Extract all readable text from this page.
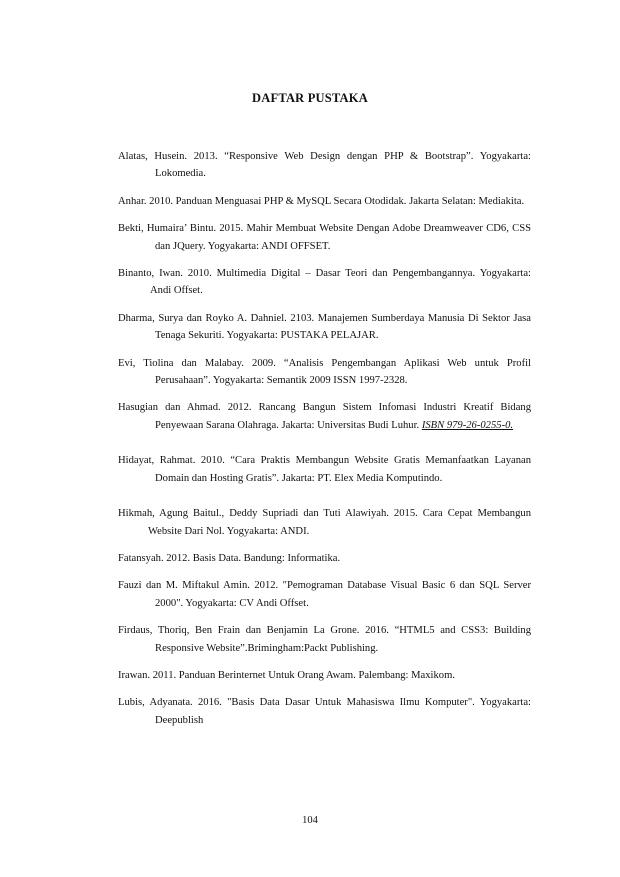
DAFTAR PUSTAKA

Alatas, Husein. 2013. “Responsive Web Design dengan PHP & Bootstrap”. Yogyakarta: Lokomedia.

Anhar. 2010. Panduan Menguasai PHP & MySQL Secara Otodidak. Jakarta Selatan: Mediakita.

Bekti, Humaira’ Bintu. 2015. Mahir Membuat Website Dengan Adobe Dreamweaver CD6, CSS dan JQuery. Yogyakarta: ANDI OFFSET.

Binanto, Iwan. 2010. Multimedia Digital – Dasar Teori dan Pengembangannya. Yogyakarta: Andi Offset.

Dharma, Surya dan Royko A. Dahniel. 2103. Manajemen Sumberdaya Manusia Di Sektor Jasa Tenaga Sekuriti. Yogyakarta: PUSTAKA PELAJAR.

Evi, Tiolina dan Malabay. 2009. “Analisis Pengembangan Aplikasi Web untuk Profil Perusahaan”. Yogyakarta: Semantik 2009 ISSN 1997-2328.

Hasugian dan Ahmad. 2012. Rancang Bangun Sistem Infomasi Industri Kreatif Bidang Penyewaan Sarana Olahraga. Jakarta: Universitas Budi Luhur. ISBN 979-26-0255-0.

Hidayat, Rahmat. 2010. “Cara Praktis Membangun Website Gratis Memanfaatkan Layanan Domain dan Hosting Gratis”. Jakarta: PT. Elex Media Komputindo.

Hikmah, Agung Baitul., Deddy Supriadi dan Tuti Alawiyah. 2015. Cara Cepat Membangun Website Dari Nol. Yogyakarta: ANDI.

Fatansyah. 2012. Basis Data. Bandung: Informatika.

Fauzi dan M. Miftakul Amin. 2012. "Pemograman Database Visual Basic 6 dan SQL Server 2000". Yogyakarta: CV Andi Offset.

Firdaus, Thoriq, Ben Frain dan Benjamin La Grone. 2016. “HTML5 and CSS3: Building Responsive Website”.Brimingham:Packt Publishing.

Irawan. 2011. Panduan Berinternet Untuk Orang Awam. Palembang: Maxikom.

Lubis, Adyanata. 2016. "Basis Data Dasar Untuk Mahasiswa Ilmu Komputer". Yogyakarta: Deepublish

104
